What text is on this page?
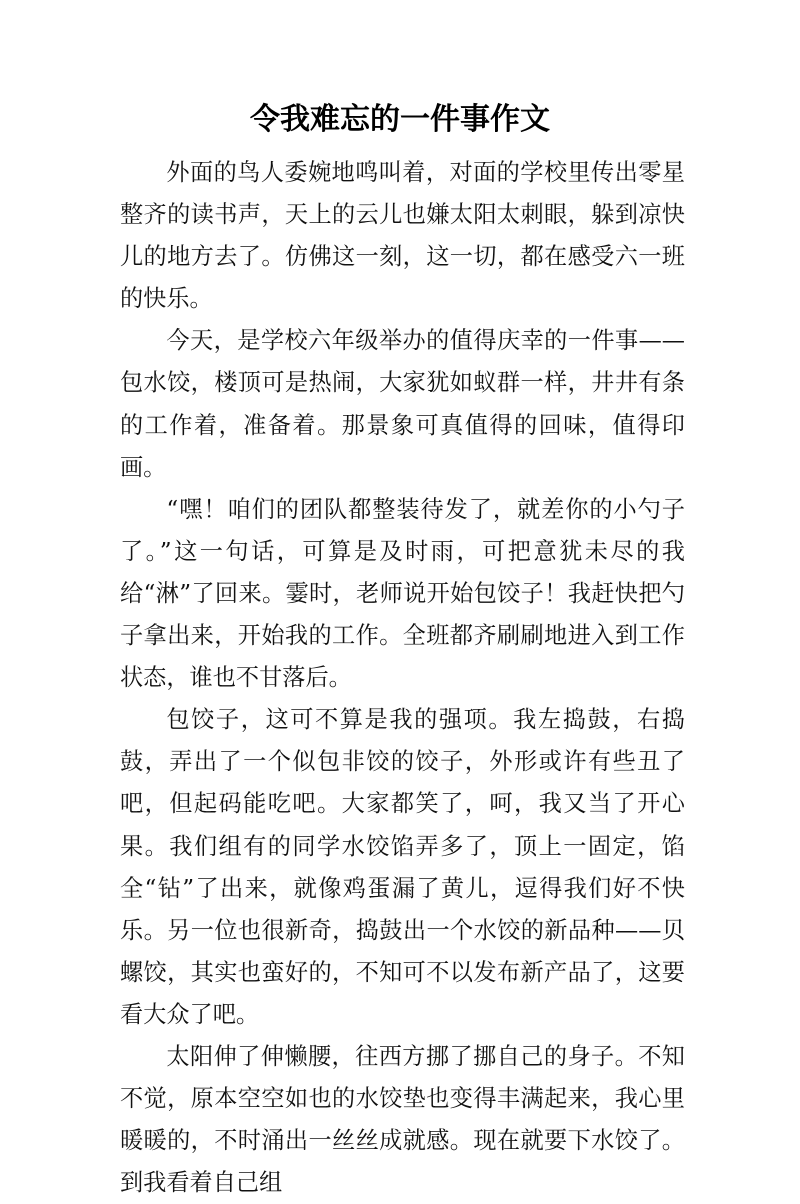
令我难忘的一件事作文

外面的鸟人委婉地鸣叫着，对面的学校里传出零星整齐的读书声，天上的云儿也嫌太阳太刺眼，躲到凉快儿的地方去了。仿佛这一刻，这一切，都在感受六一班的快乐。

今天，是学校六年级举办的值得庆幸的一件事——包水饺，楼顶可是热闹，大家犹如蚁群一样，井井有条的工作着，准备着。那景象可真值得的回味，值得印画。

“嘿！咱们的团队都整装待发了，就差你的小勺子了。”这一句话，可算是及时雨，可把意犹未尽的我给“淋”了回来。霎时，老师说开始包饺子！我赶快把勺子拿出来，开始我的工作。全班都齐刷刷地进入到工作状态，谁也不甘落后。

包饺子，这可不算是我的强项。我左捣鼓，右捣鼓，弄出了一个似包非饺的饺子，外形或许有些丑了吧，但起码能吃吧。大家都笑了，呵，我又当了开心果。我们组有的同学水饺馅弄多了，顶上一固定，馅全“钻”了出来，就像鸡蛋漏了黄儿，逗得我们好不快乐。另一位也很新奇，捣鼓出一个水饺的新品种——贝螺饺，其实也蛮好的，不知可不以发布新产品了，这要看大众了吧。

太阳伸了伸懒腰，往西方挪了挪自己的身子。不知不觉，原本空空如也的水饺垫也变得丰满起来，我心里暖暖的，不时涌出一丝丝成就感。现在就要下水饺了。到我看着自己组
